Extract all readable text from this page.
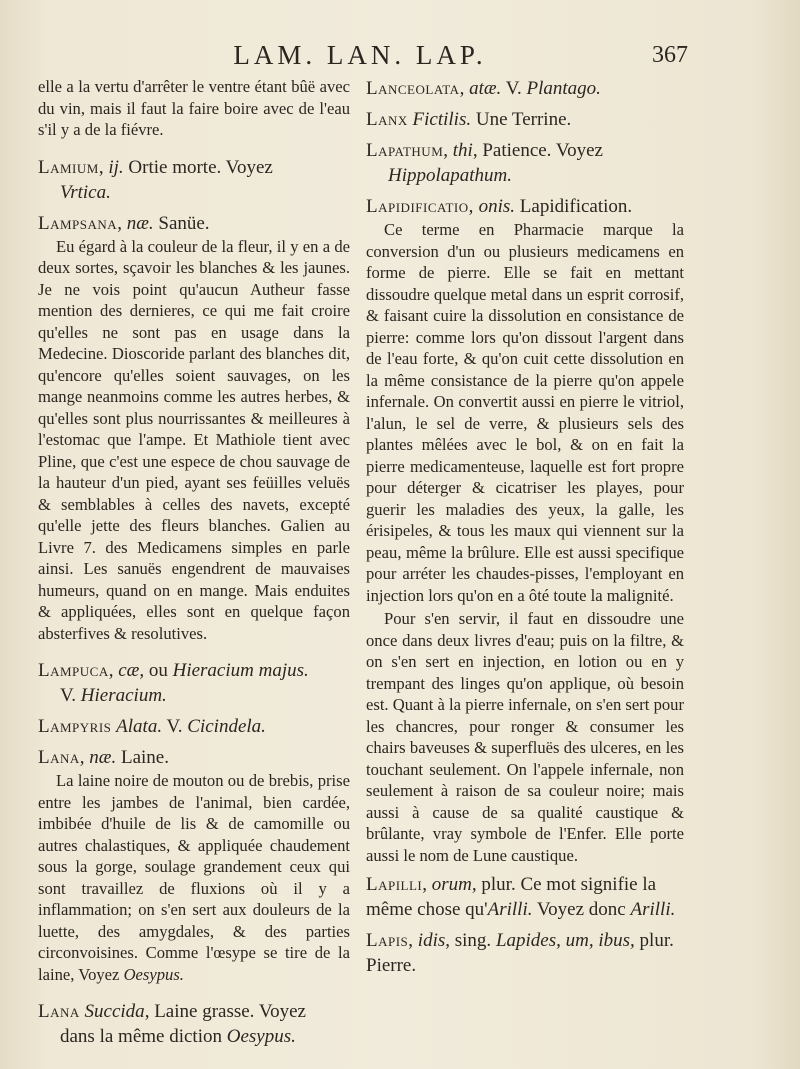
LAM. LAN. LAP.	367

elle a la vertu d'arrêter le ventre étant bûë avec du vin, mais il faut la faire boire avec de l'eau s'il y a de la fiévre.

Lamium, ij. Ortie morte. Voyez
Vrtica.
Lampsana, næ. Sanüe.

Eu égard à la couleur de la fleur, il y en a de deux sortes, sçavoir les blanches & les jaunes. Je ne vois point qu'aucun Autheur fasse mention des dernieres, ce qui me fait croire qu'elles ne sont pas en usage dans la Medecine. Dioscoride parlant des blanches dit, qu'encore qu'elles soient sauvages, on les mange neanmoins comme les autres herbes, & qu'elles sont plus nourrissantes & meilleures à l'estomac que l'ampe. Et Mathiole tient avec Pline, que c'est une espece de chou sauvage de la hauteur d'un pied, ayant ses feüilles veluës & semblables à celles des navets, excepté qu'elle jette des fleurs blanches. Galien au Livre 7. des Medicamens simples en parle ainsi. Les sanuës engendrent de mauvaises humeurs, quand on en mange. Mais enduites & appliquées, elles sont en quelque façon absterfives & resolutives.

Lampuca, cæ, ou Hieracium majus.
V. Hieracium.
Lampyris Alata. V. Cicindela.
Lana, næ. Laine.

La laine noire de mouton ou de brebis, prise entre les jambes de l'animal, bien cardée, imbibée d'huile de lis & de camomille ou autres chalastiques, & appliquée chaudement sous la gorge, soulage grandement ceux qui sont travaillez de fluxions où il y a inflammation; on s'en sert aux douleurs de la luette, des amygdales, & des parties circonvoisines. Comme l'œsype se tire de la laine, Voyez Oesypus.

Lana Succida, Laine grasse. Voyez
dans la même diction Oesypus.
Lanceolata, atæ. V. Plantago.
Lanx Fictilis. Une Terrine.
Lapathum, thi, Patience. Voyez
Hippolapathum.
Lapidificatio, onis. Lapidification.

Ce terme en Pharmacie marque la conversion d'un ou plusieurs medicamens en forme de pierre. Elle se fait en mettant dissoudre quelque metal dans un esprit corrosif, & faisant cuire la dissolution en consistance de pierre: comme lors qu'on dissout l'argent dans de l'eau forte, & qu'on cuit cette dissolution en la même consistance de la pierre qu'on appele infernale. On convertit aussi en pierre le vitriol, l'alun, le sel de verre, & plusieurs sels des plantes mêlées avec le bol, & on en fait la pierre medicamenteuse, laquelle est fort propre pour déterger & cicatriser les playes, pour guerir les maladies des yeux, la galle, les érisipeles, & tous les maux qui viennent sur la peau, même la brûlure. Elle est aussi specifique pour arréter les chaudes-pisses, l'employant en injection lors qu'on en a ôté toute la malignité.

Pour s'en servir, il faut en dissoudre une once dans deux livres d'eau; puis on la filtre, & on s'en sert en injection, en lotion ou en y trempant des linges qu'on applique, où besoin est. Quant à la pierre infernale, on s'en sert pour les chancres, pour ronger & consumer les chairs baveuses & superfluës des ulceres, en les touchant seulement. On l'appele infernale, non seulement à raison de sa couleur noire; mais aussi à cause de sa qualité caustique & brûlante, vray symbole de l'Enfer. Elle porte aussi le nom de Lune caustique.

Lapilli, orum, plur. Ce mot signifie la même chose qu'Arilli. Voyez donc Arilli.
Lapis, idis, sing. Lapides, um, ibus, plur. Pierre.
